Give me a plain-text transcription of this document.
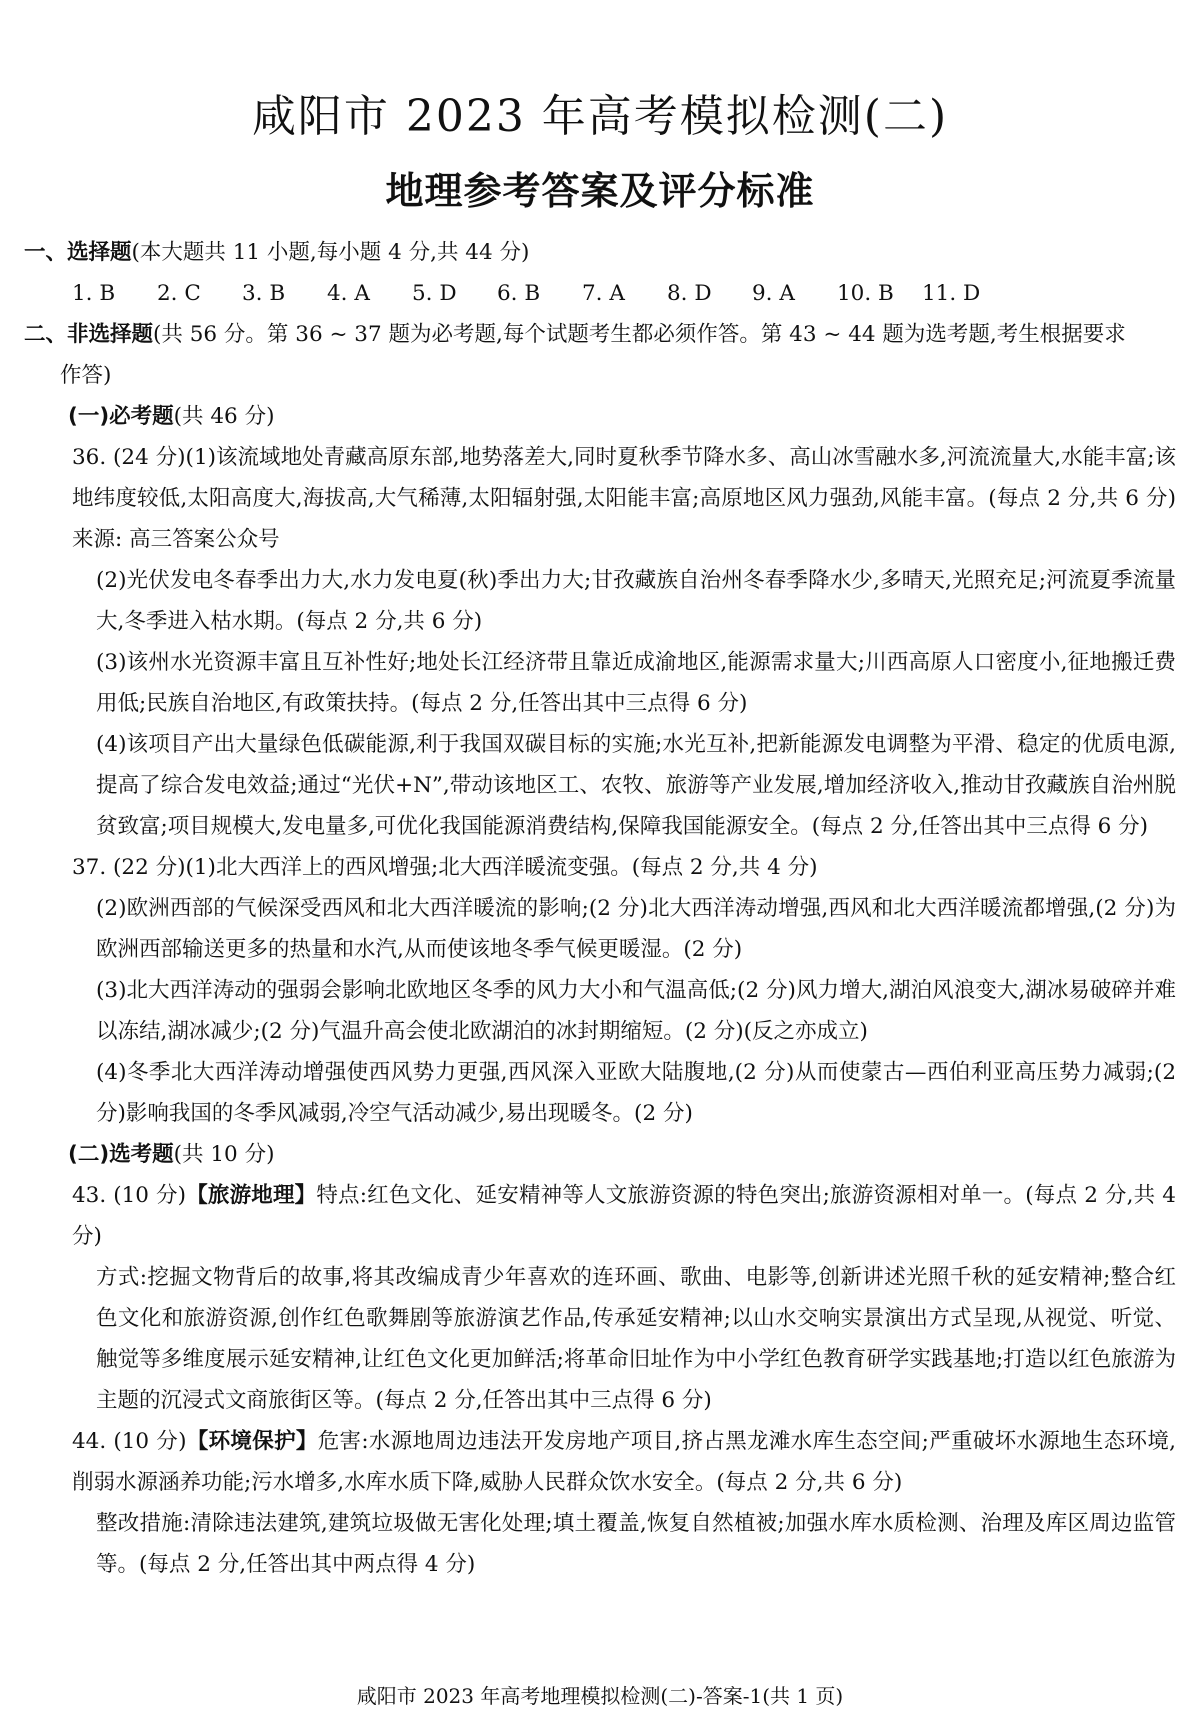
咸阳市 2023 年高考模拟检测(二)
地理参考答案及评分标准
一、选择题(本大题共 11 小题,每小题 4 分,共 44 分)
1. B	2. C	3. B	4. A	5. D	6. B	7. A	8. D	9. A	10. B	11. D
二、非选择题(共 56 分。第 36 ~ 37 题为必考题,每个试题考生都必须作答。第 43 ~ 44 题为选考题,考生根据要求
作答)
(一)必考题(共 46 分)

36. (24 分)(1)该流域地处青藏高原东部,地势落差大,同时夏秋季节降水多、高山冰雪融水多,河流流量大,水能丰富;该地纬度较低,太阳高度大,海拔高,大气稀薄,太阳辐射强,太阳能丰富;高原地区风力强劲,风能丰富。(每点 2 分,共 6 分) 来源: 高三答案公众号

(2)光伏发电冬春季出力大,水力发电夏(秋)季出力大;甘孜藏族自治州冬春季降水少,多晴天,光照充足;河流夏季流量大,冬季进入枯水期。(每点 2 分,共 6 分)

(3)该州水光资源丰富且互补性好;地处长江经济带且靠近成渝地区,能源需求量大;川西高原人口密度小,征地搬迁费用低;民族自治地区,有政策扶持。(每点 2 分,任答出其中三点得 6 分)

(4)该项目产出大量绿色低碳能源,利于我国双碳目标的实施;水光互补,把新能源发电调整为平滑、稳定的优质电源,提高了综合发电效益;通过“光伏+N”,带动该地区工、农牧、旅游等产业发展,增加经济收入,推动甘孜藏族自治州脱贫致富;项目规模大,发电量多,可优化我国能源消费结构,保障我国能源安全。(每点 2 分,任答出其中三点得 6 分)

37. (22 分)(1)北大西洋上的西风增强;北大西洋暖流变强。(每点 2 分,共 4 分)

(2)欧洲西部的气候深受西风和北大西洋暖流的影响;(2 分)北大西洋涛动增强,西风和北大西洋暖流都增强,(2 分)为欧洲西部输送更多的热量和水汽,从而使该地冬季气候更暖湿。(2 分)

(3)北大西洋涛动的强弱会影响北欧地区冬季的风力大小和气温高低;(2 分)风力增大,湖泊风浪变大,湖冰易破碎并难以冻结,湖冰减少;(2 分)气温升高会使北欧湖泊的冰封期缩短。(2 分)(反之亦成立)

(4)冬季北大西洋涛动增强使西风势力更强,西风深入亚欧大陆腹地,(2 分)从而使蒙古—西伯利亚高压势力减弱;(2 分)影响我国的冬季风减弱,冷空气活动减少,易出现暖冬。(2 分)

(二)选考题(共 10 分)

43. (10 分)【旅游地理】特点:红色文化、延安精神等人文旅游资源的特色突出;旅游资源相对单一。(每点 2 分,共 4 分)

方式:挖掘文物背后的故事,将其改编成青少年喜欢的连环画、歌曲、电影等,创新讲述光照千秋的延安精神;整合红色文化和旅游资源,创作红色歌舞剧等旅游演艺作品,传承延安精神;以山水交响实景演出方式呈现,从视觉、听觉、触觉等多维度展示延安精神,让红色文化更加鲜活;将革命旧址作为中小学红色教育研学实践基地;打造以红色旅游为主题的沉浸式文商旅街区等。(每点 2 分,任答出其中三点得 6 分)

44. (10 分)【环境保护】危害:水源地周边违法开发房地产项目,挤占黑龙滩水库生态空间;严重破坏水源地生态环境,削弱水源涵养功能;污水增多,水库水质下降,威胁人民群众饮水安全。(每点 2 分,共 6 分)

整改措施:清除违法建筑,建筑垃圾做无害化处理;填土覆盖,恢复自然植被;加强水库水质检测、治理及库区周边监管等。(每点 2 分,任答出其中两点得 4 分)

咸阳市 2023 年高考地理模拟检测(二)-答案-1(共 1 页)
